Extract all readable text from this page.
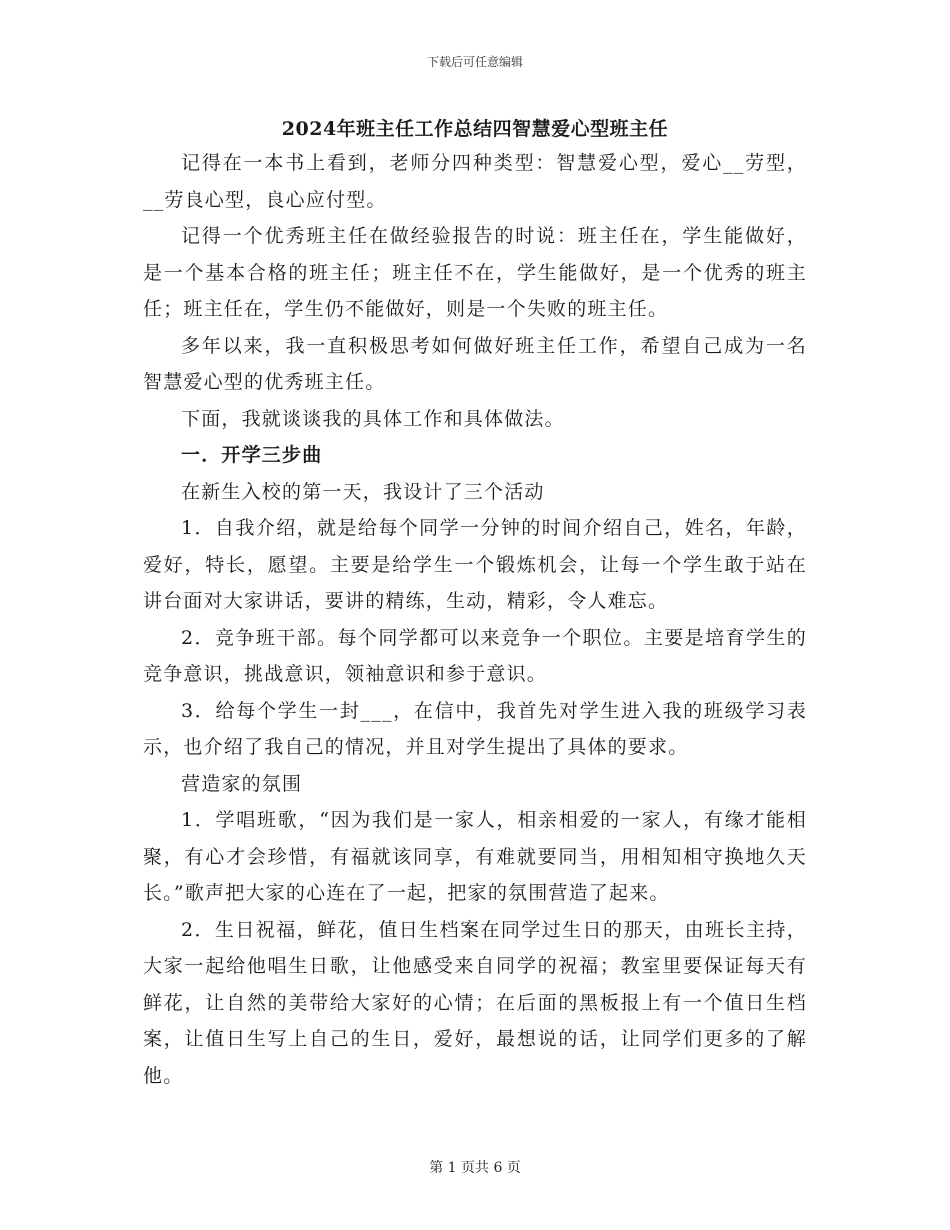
下载后可任意编辑
2024年班主任工作总结四智慧爱心型班主任

记得在一本书上看到，老师分四种类型：智慧爱心型，爱心__劳型，__劳良心型，良心应付型。

记得一个优秀班主任在做经验报告的时说：班主任在，学生能做好，是一个基本合格的班主任；班主任不在，学生能做好，是一个优秀的班主任；班主任在，学生仍不能做好，则是一个失败的班主任。

多年以来，我一直积极思考如何做好班主任工作，希望自己成为一名智慧爱心型的优秀班主任。

下面，我就谈谈我的具体工作和具体做法。

一．开学三步曲

在新生入校的第一天，我设计了三个活动

1．自我介绍，就是给每个同学一分钟的时间介绍自己，姓名，年龄，爱好，特长，愿望。主要是给学生一个锻炼机会，让每一个学生敢于站在讲台面对大家讲话，要讲的精练，生动，精彩，令人难忘。

2．竞争班干部。每个同学都可以来竞争一个职位。主要是培育学生的竞争意识，挑战意识，领袖意识和参于意识。

3．给每个学生一封___，在信中，我首先对学生进入我的班级学习表示，也介绍了我自己的情况，并且对学生提出了具体的要求。

营造家的氛围

1．学唱班歌，“因为我们是一家人，相亲相爱的一家人，有缘才能相聚，有心才会珍惜，有福就该同享，有难就要同当，用相知相守换地久天长。”歌声把大家的心连在了一起，把家的氛围营造了起来。

2．生日祝福，鲜花，值日生档案在同学过生日的那天，由班长主持，大家一起给他唱生日歌，让他感受来自同学的祝福；教室里要保证每天有鲜花，让自然的美带给大家好的心情；在后面的黑板报上有一个值日生档案，让值日生写上自己的生日，爱好，最想说的话，让同学们更多的了解他。

第 1 页共 6 页
